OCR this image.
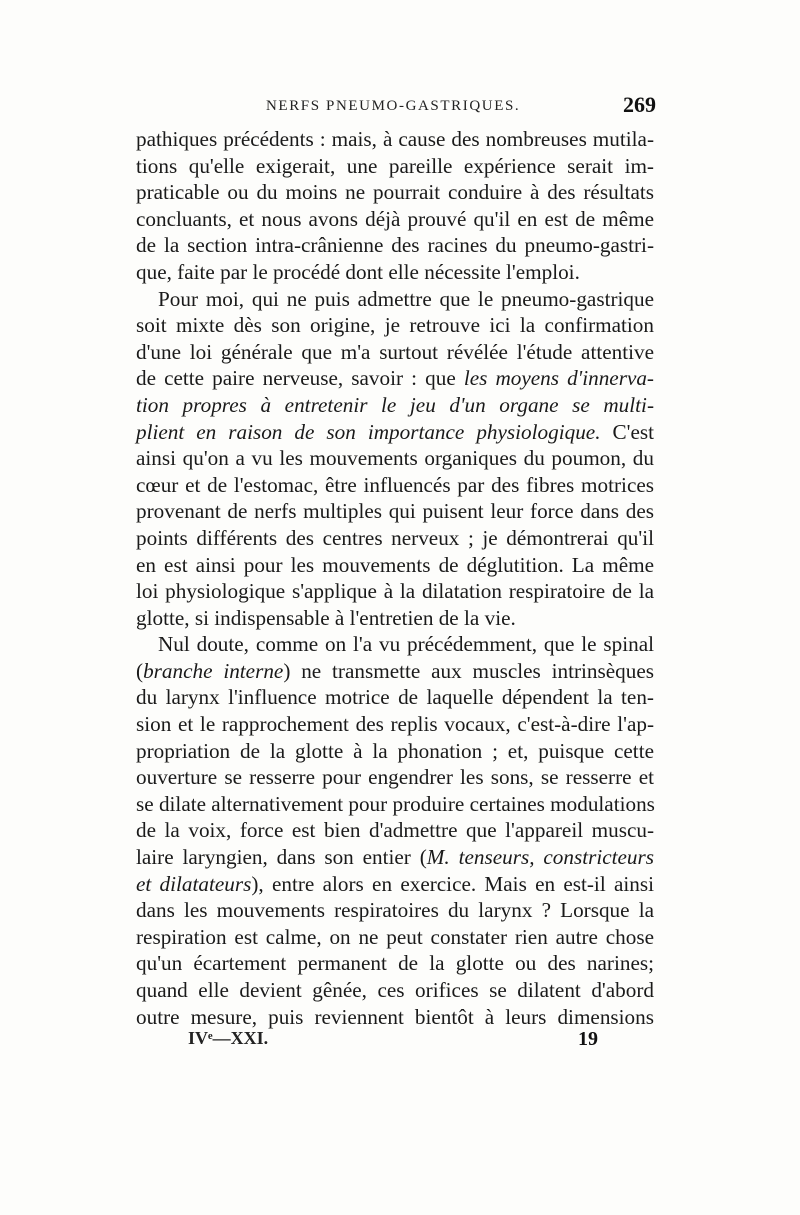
NERFS PNEUMO-GASTRIQUES.	269
pathiques précédents : mais, à cause des nombreuses mutila-
tions qu'elle exigerait, une pareille expérience serait im-
praticable ou du moins ne pourrait conduire à des résultats
concluants, et nous avons déjà prouvé qu'il en est de même
de la section intra-crânienne des racines du pneumo-gastri-
que, faite par le procédé dont elle nécessite l'emploi.
Pour moi, qui ne puis admettre que le pneumo-gastrique
soit mixte dès son origine, je retrouve ici la confirmation
d'une loi générale que m'a surtout révélée l'étude attentive
de cette paire nerveuse, savoir : que les moyens d'innerva-
tion propres à entretenir le jeu d'un organe se multi-
plient en raison de son importance physiologique. C'est
ainsi qu'on a vu les mouvements organiques du poumon, du
cœur et de l'estomac, être influencés par des fibres motrices
provenant de nerfs multiples qui puisent leur force dans des
points différents des centres nerveux ; je démontrerai qu'il
en est ainsi pour les mouvements de déglutition. La même
loi physiologique s'applique à la dilatation respiratoire de la
glotte, si indispensable à l'entretien de la vie.
Nul doute, comme on l'a vu précédemment, que le spinal
(branche interne) ne transmette aux muscles intrinsèques
du larynx l'influence motrice de laquelle dépendent la ten-
sion et le rapprochement des replis vocaux, c'est-à-dire l'ap-
propriation de la glotte à la phonation ; et, puisque cette
ouverture se resserre pour engendrer les sons, se resserre et
se dilate alternativement pour produire certaines modulations
de la voix, force est bien d'admettre que l'appareil muscu-
laire laryngien, dans son entier (M. tenseurs, constricteurs
et dilatateurs), entre alors en exercice. Mais en est-il ainsi
dans les mouvements respiratoires du larynx ? Lorsque la
respiration est calme, on ne peut constater rien autre chose
qu'un écartement permanent de la glotte ou des narines;
quand elle devient gênée, ces orifices se dilatent d'abord
outre mesure, puis reviennent bientôt à leurs dimensions
IVᵉ—XXI.	19
